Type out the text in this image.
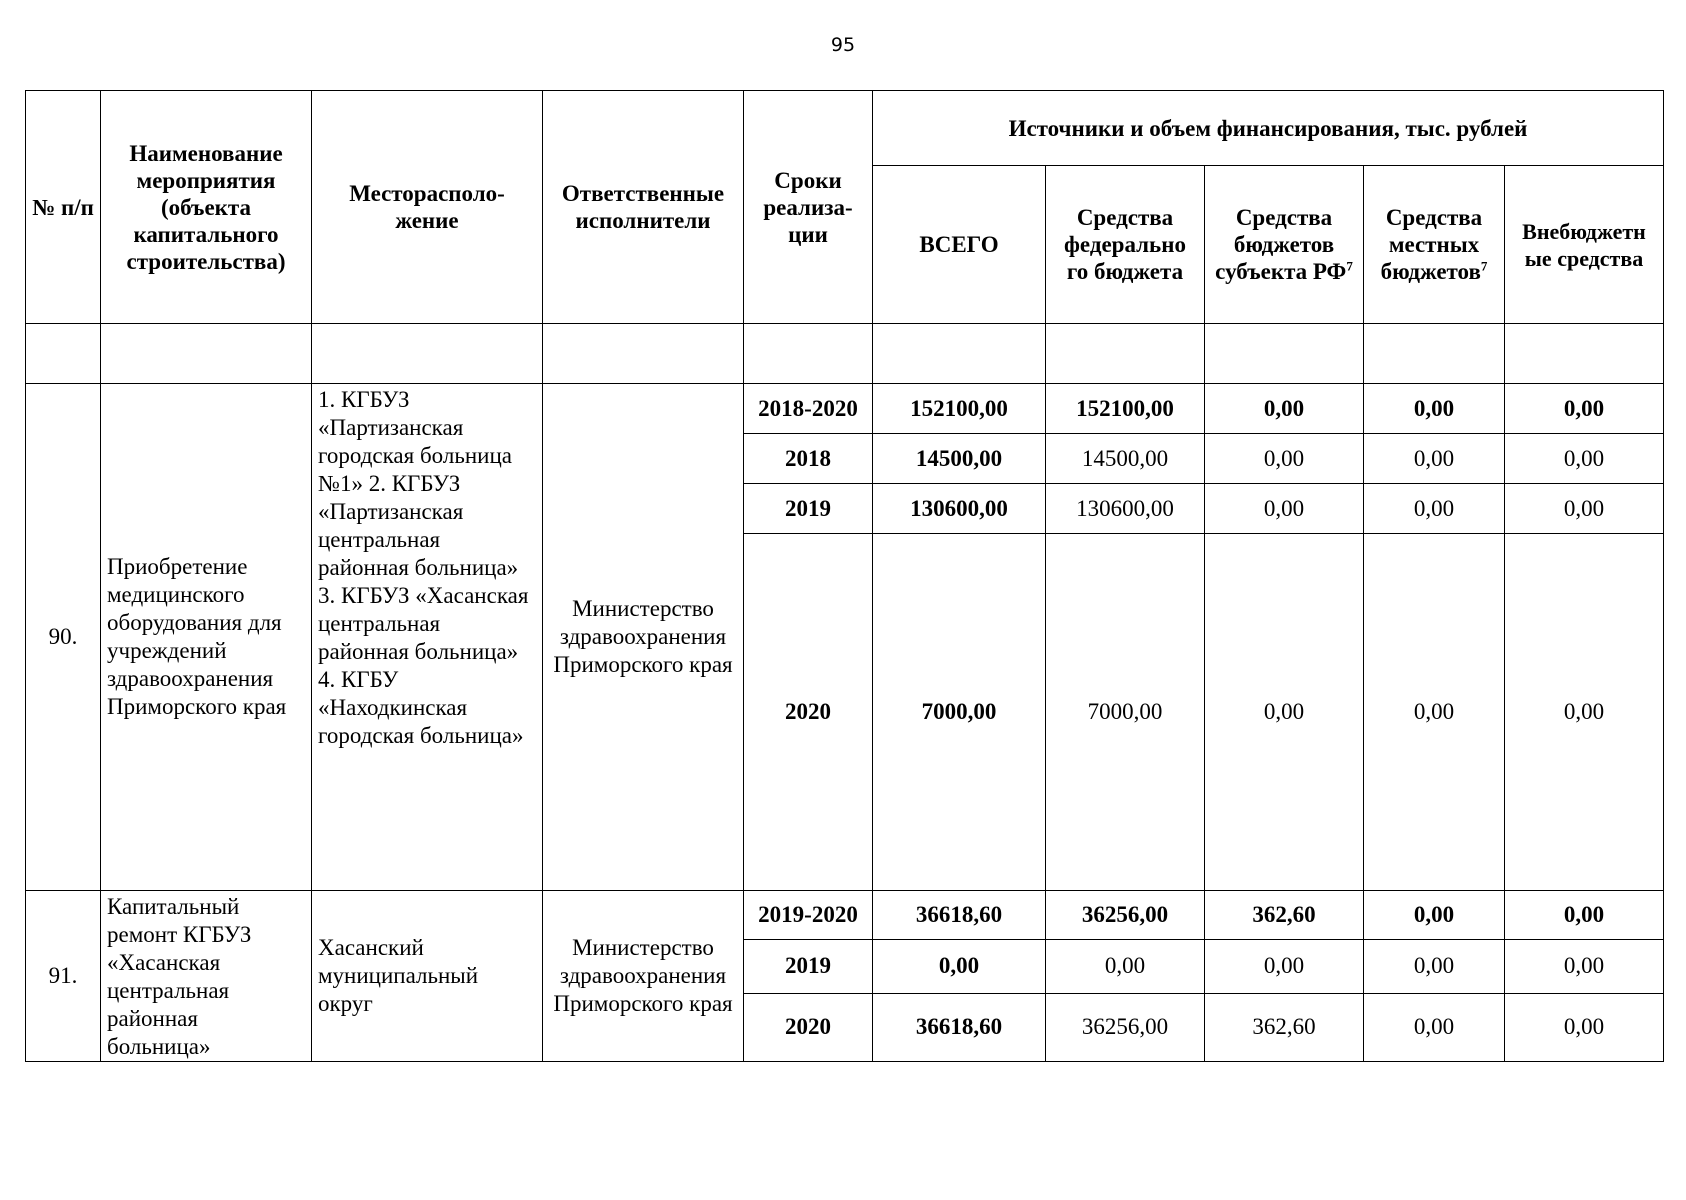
95
№ п/п	Наименование мероприятия (объекта капитального строительства)	Месторасполо-жение	Ответственные исполнители	Сроки реализа-ции	Источники и объем финансирования, тыс. рублей				
					ВСЕГО	Средства федерально го бюджета	Средства бюджетов субъекта $РФ^7$	Средства местных бюджетов$^7$	Внебюджетн ые средства

90.	Приобретение медицинского оборудования для учреждений здравоохранения Приморского края	1. КГБУЗ «Партизанская городская больница №1» 2. КГБУЗ «Партизанская центральная районная больница» 3. КГБУЗ «Хасанская центральная районная больница» 4. КГБУ «Находкинская городская больница»	Министерство здравоохранения Приморского края	2018-2020	152100,00	152100,00	0,00	0,00	0,00
				2018	14500,00	14500,00	0,00	0,00	0,00
				2019	130600,00	130600,00	0,00	0,00	0,00
				2020	7000,00	7000,00	0,00	0,00	0,00
91.	Капитальный ремонт КГБУЗ «Хасанская центральная районная больница»	Хасанский муниципальный округ	Министерство здравоохранения Приморского края	2019-2020	36618,60	36256,00	362,60	0,00	0,00
				2019	0,00	0,00	0,00	0,00	0,00
				2020	36618,60	36256,00	362,60	0,00	0,00
